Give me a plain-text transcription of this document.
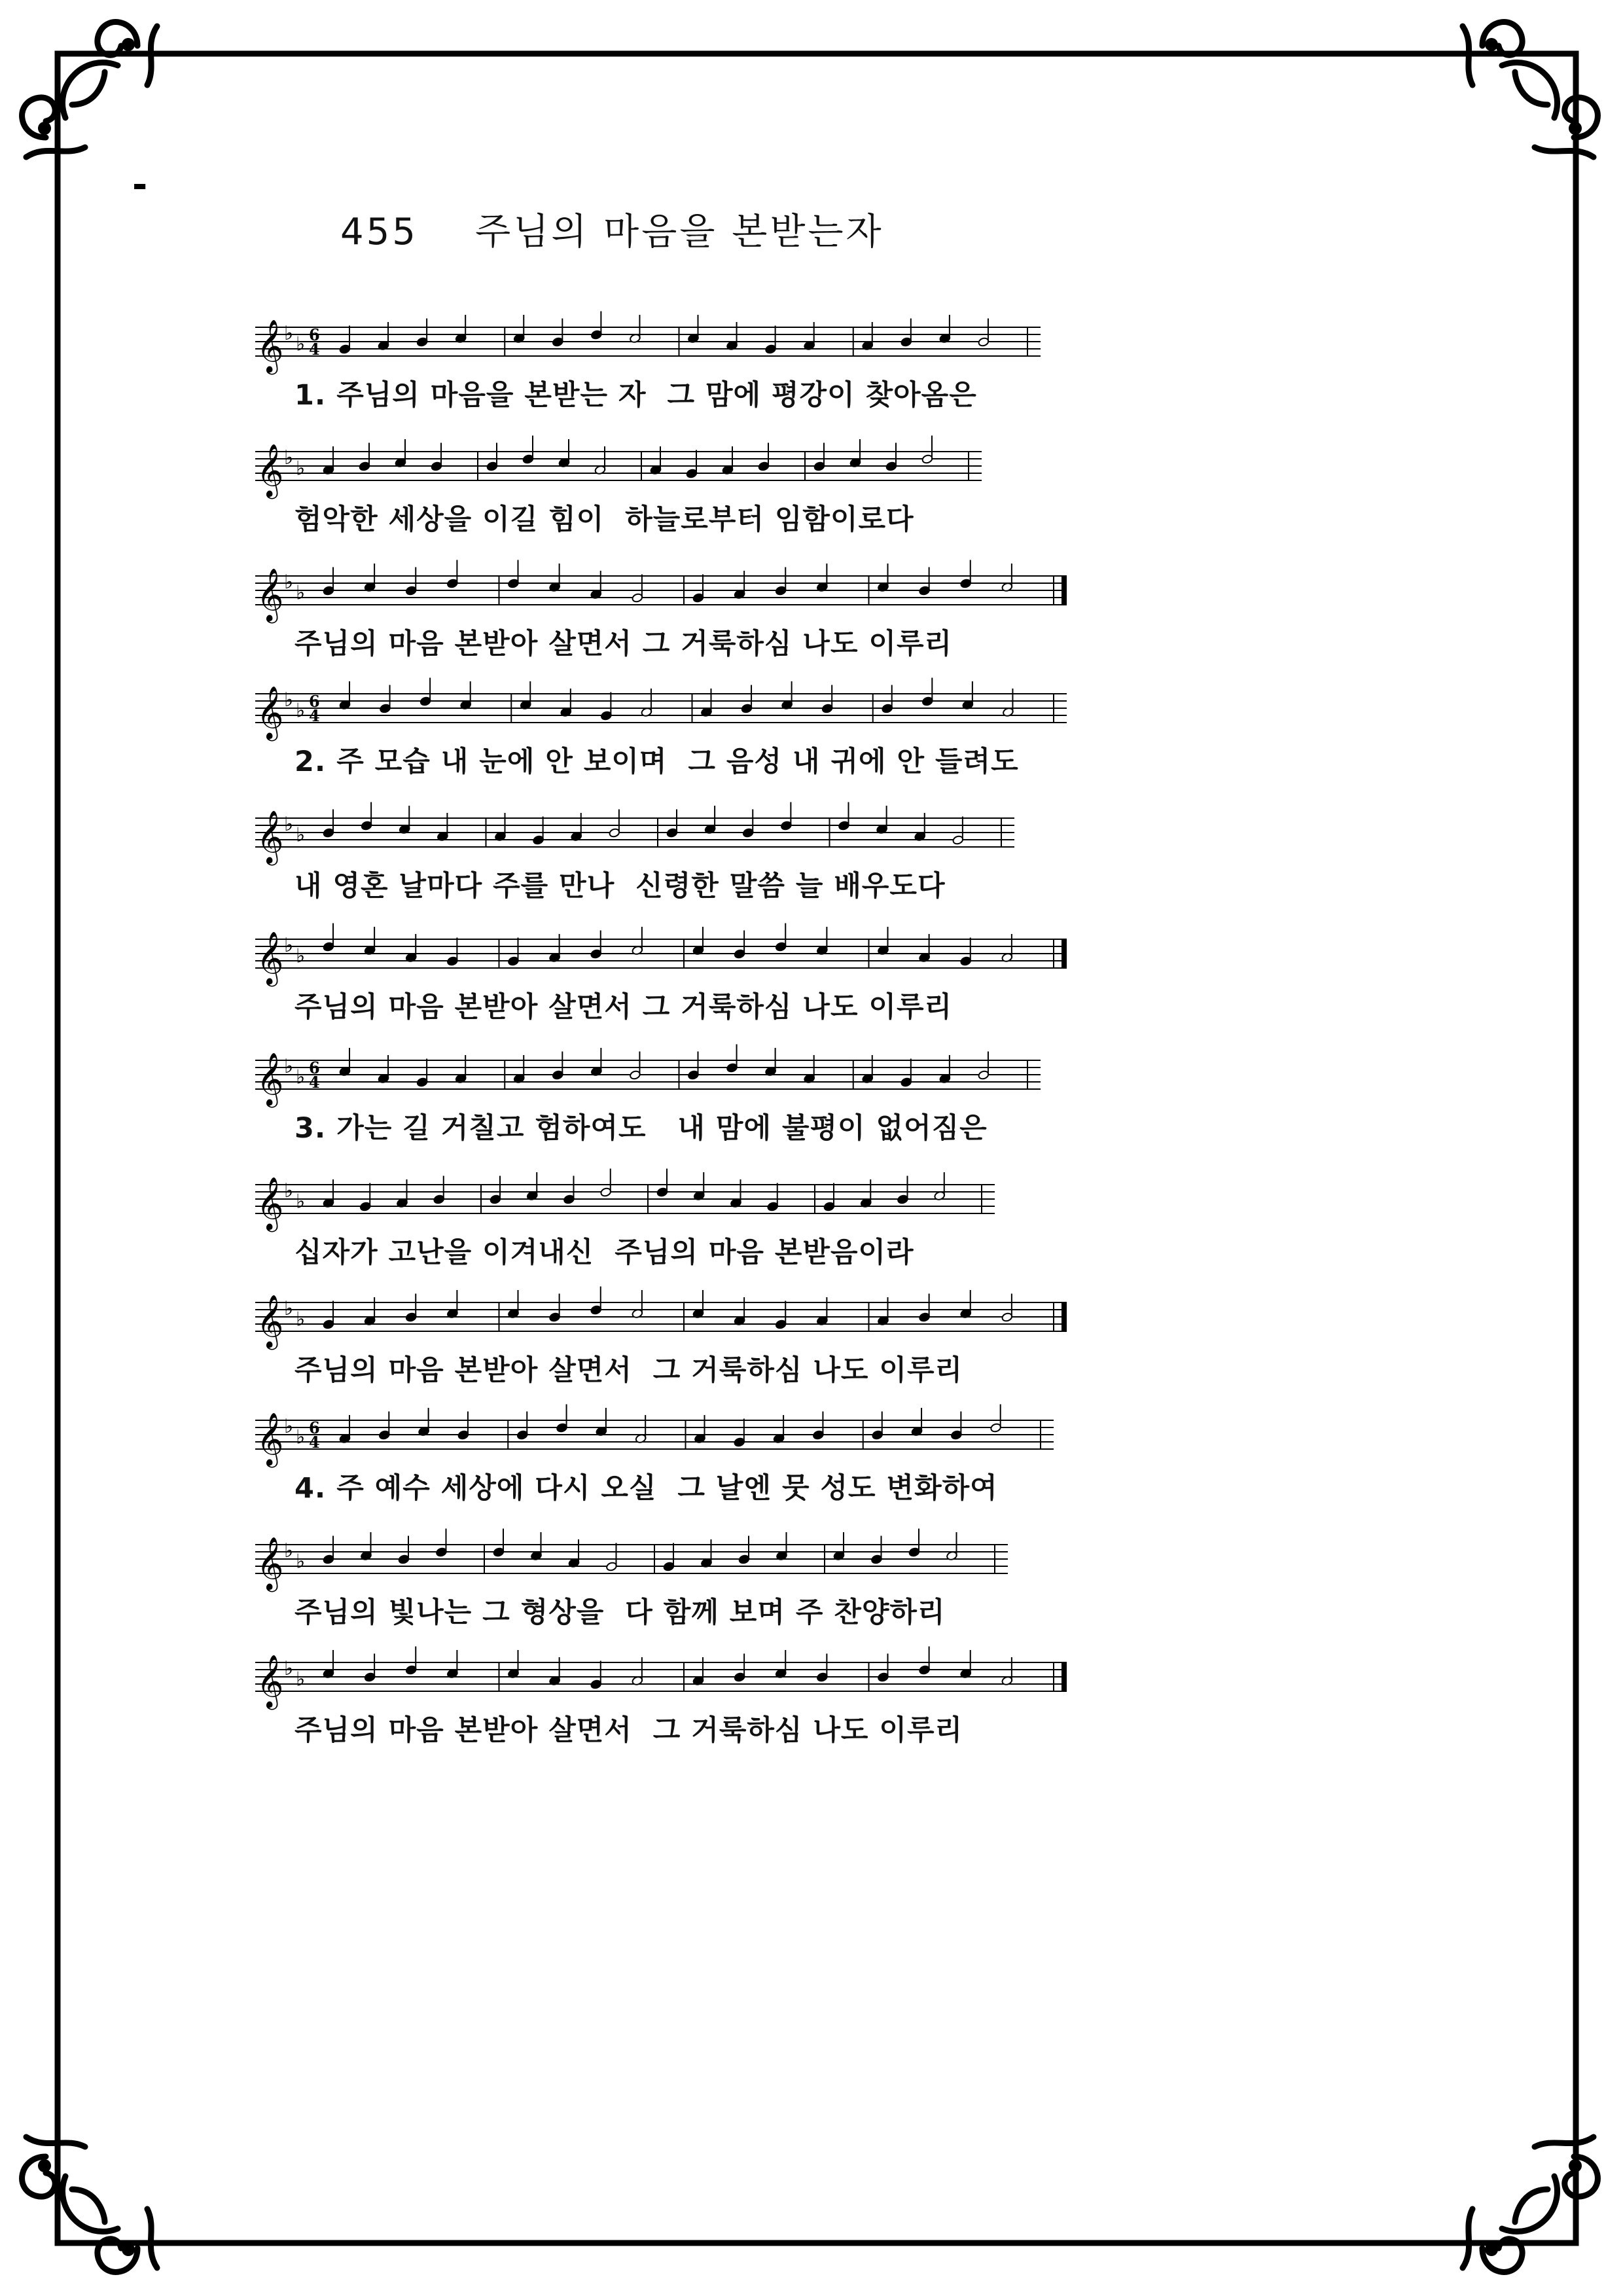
-
455 주님의 마음을 본받는자
𝄞 ♭ ♭ 6
4
1. 주님의 마음을 본받는 자  그 맘에 평강이 찾아옴은
𝄞 ♭ ♭
험악한 세상을 이길 힘이  하늘로부터 임함이로다
𝄞 ♭ ♭
주님의 마음 본받아 살면서 그 거룩하심 나도 이루리
𝄞 ♭ ♭ 6
4
2. 주 모습 내 눈에 안 보이며  그 음성 내 귀에 안 들려도
𝄞 ♭ ♭
내 영혼 날마다 주를 만나  신령한 말씀 늘 배우도다
𝄞 ♭ ♭
주님의 마음 본받아 살면서 그 거룩하심 나도 이루리
𝄞 ♭ ♭ 6
4
3. 가는 길 거칠고 험하여도   내 맘에 불평이 없어짐은
𝄞 ♭ ♭
십자가 고난을 이겨내신  주님의 마음 본받음이라
𝄞 ♭ ♭
주님의 마음 본받아 살면서  그 거룩하심 나도 이루리
𝄞 ♭ ♭ 6
4
4. 주 예수 세상에 다시 오실  그 날엔 뭇 성도 변화하여
𝄞 ♭ ♭
주님의 빛나는 그 형상을  다 함께 보며 주 찬양하리
𝄞 ♭ ♭
주님의 마음 본받아 살면서  그 거룩하심 나도 이루리
